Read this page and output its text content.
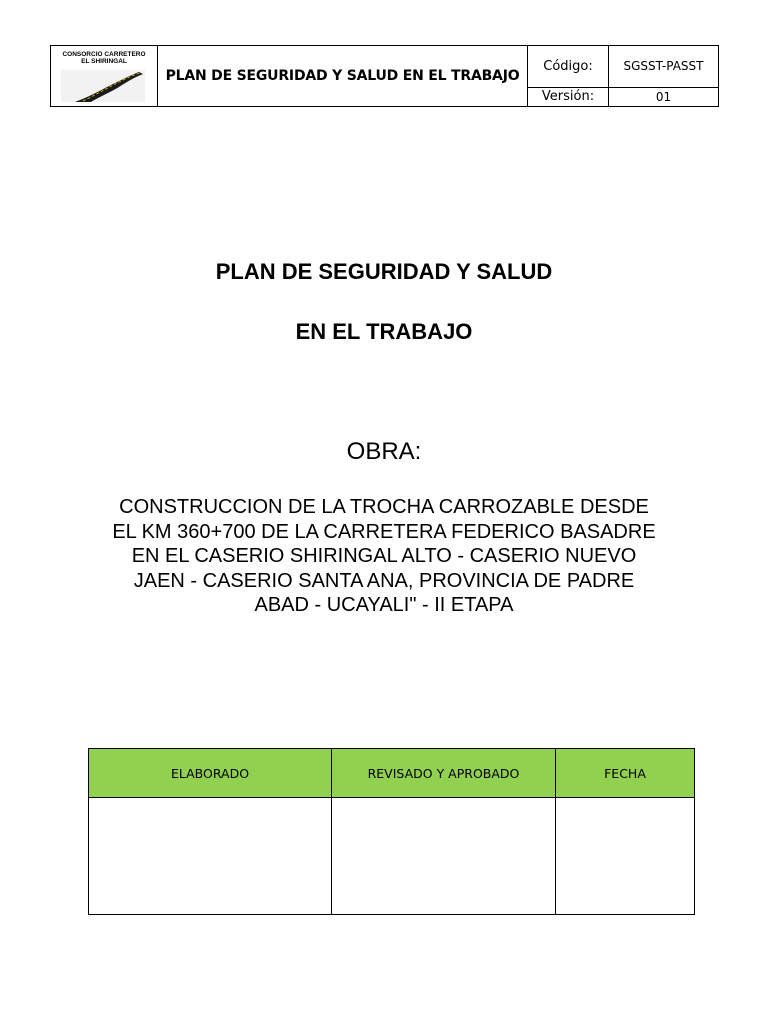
CONSORCIO CARRETERO
EL SHIRINGAL	PLAN DE SEGURIDAD Y SALUD EN EL TRABAJO	Código:	SGSST-PASST
		Versión:	01
PLAN DE SEGURIDAD Y SALUD
EN EL TRABAJO
OBRA:
CONSTRUCCION DE LA TROCHA CARROZABLE DESDE
EL KM 360+700 DE LA CARRETERA FEDERICO BASADRE
EN EL CASERIO SHIRINGAL ALTO - CASERIO NUEVO
JAEN - CASERIO SANTA ANA, PROVINCIA DE PADRE
ABAD - UCAYALI" - II ETAPA
ELABORADO	REVISADO Y APROBADO	FECHA
